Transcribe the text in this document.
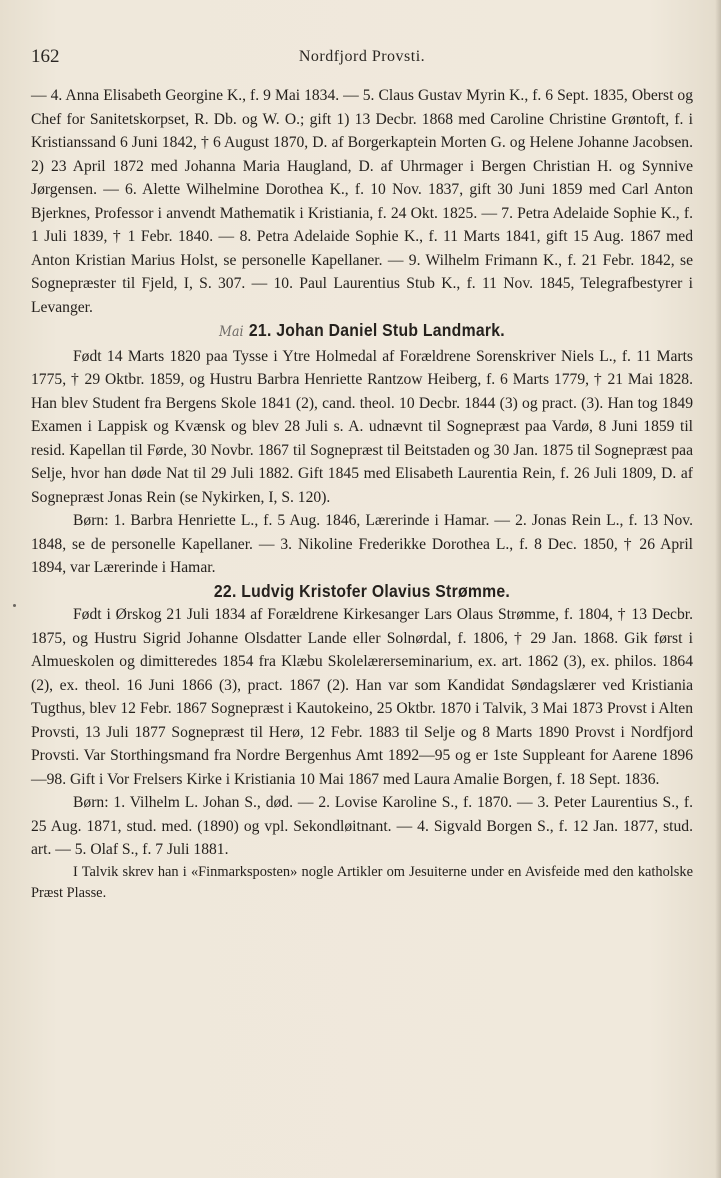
162	Nordfjord Provsti.

— 4. Anna Elisabeth Georgine K., f. 9 Mai 1834. — 5. Claus Gustav Myrin K., f. 6 Sept. 1835, Oberst og Chef for Sanitetskorpset, R. Db. og W. O.; gift 1) 13 Decbr. 1868 med Caroline Christine Grøntoft, f. i Kristianssand 6 Juni 1842, † 6 August 1870, D. af Borgerkaptein Morten G. og Helene Johanne Jacobsen. 2) 23 April 1872 med Johanna Maria Haugland, D. af Uhrmager i Bergen Christian H. og Synnive Jørgensen. — 6. Alette Wilhelmine Dorothea K., f. 10 Nov. 1837, gift 30 Juni 1859 med Carl Anton Bjerknes, Professor i anvendt Mathematik i Kristiania, f. 24 Okt. 1825. — 7. Petra Adelaide Sophie K., f. 1 Juli 1839, † 1 Febr. 1840. — 8. Petra Adelaide Sophie K., f. 11 Marts 1841, gift 15 Aug. 1867 med Anton Kristian Marius Holst, se personelle Kapellaner. — 9. Wilhelm Frimann K., f. 21 Febr. 1842, se Sognepræster til Fjeld, I, S. 307. — 10. Paul Laurentius Stub K., f. 11 Nov. 1845, Telegrafbestyrer i Levanger.

Mai 21. Johan Daniel Stub Landmark.

Født 14 Marts 1820 paa Tysse i Ytre Holmedal af Forældrene Sorenskriver Niels L., f. 11 Marts 1775, † 29 Oktbr. 1859, og Hustru Barbra Henriette Rantzow Heiberg, f. 6 Marts 1779, † 21 Mai 1828. Han blev Student fra Bergens Skole 1841 (2), cand. theol. 10 Decbr. 1844 (3) og pract. (3). Han tog 1849 Examen i Lappisk og Kvænsk og blev 28 Juli s. A. udnævnt til Sognepræst paa Vardø, 8 Juni 1859 til resid. Kapellan til Førde, 30 Novbr. 1867 til Sognepræst til Beitstaden og 30 Jan. 1875 til Sognepræst paa Selje, hvor han døde Nat til 29 Juli 1882. Gift 1845 med Elisabeth Laurentia Rein, f. 26 Juli 1809, D. af Sognepræst Jonas Rein (se Nykirken, I, S. 120).

Børn: 1. Barbra Henriette L., f. 5 Aug. 1846, Lærerinde i Hamar. — 2. Jonas Rein L., f. 13 Nov. 1848, se de personelle Kapellaner. — 3. Nikoline Frederikke Dorothea L., f. 8 Dec. 1850, † 26 April 1894, var Lærerinde i Hamar.

22. Ludvig Kristofer Olavius Strømme.

Født i Ørskog 21 Juli 1834 af Forældrene Kirkesanger Lars Olaus Strømme, f. 1804, † 13 Decbr. 1875, og Hustru Sigrid Johanne Olsdatter Lande eller Solnørdal, f. 1806, † 29 Jan. 1868. Gik først i Almueskolen og dimitteredes 1854 fra Klæbu Skolelærerseminarium, ex. art. 1862 (3), ex. philos. 1864 (2), ex. theol. 16 Juni 1866 (3), pract. 1867 (2). Han var som Kandidat Søndagslærer ved Kristiania Tugthus, blev 12 Febr. 1867 Sognepræst i Kautokeino, 25 Oktbr. 1870 i Talvik, 3 Mai 1873 Provst i Alten Provsti, 13 Juli 1877 Sognepræst til Herø, 12 Febr. 1883 til Selje og 8 Marts 1890 Provst i Nordfjord Provsti. Var Storthingsmand fra Nordre Bergenhus Amt 1892—95 og er 1ste Suppleant for Aarene 1896—98. Gift i Vor Frelsers Kirke i Kristiania 10 Mai 1867 med Laura Amalie Borgen, f. 18 Sept. 1836.

Børn: 1. Vilhelm L. Johan S., død. — 2. Lovise Karoline S., f. 1870. — 3. Peter Laurentius S., f. 25 Aug. 1871, stud. med. (1890) og vpl. Sekondløitnant. — 4. Sigvald Borgen S., f. 12 Jan. 1877, stud. art. — 5. Olaf S., f. 7 Juli 1881.

I Talvik skrev han i «Finmarksposten» nogle Artikler om Jesuiterne under en Avisfeide med den katholske Præst Plasse.
